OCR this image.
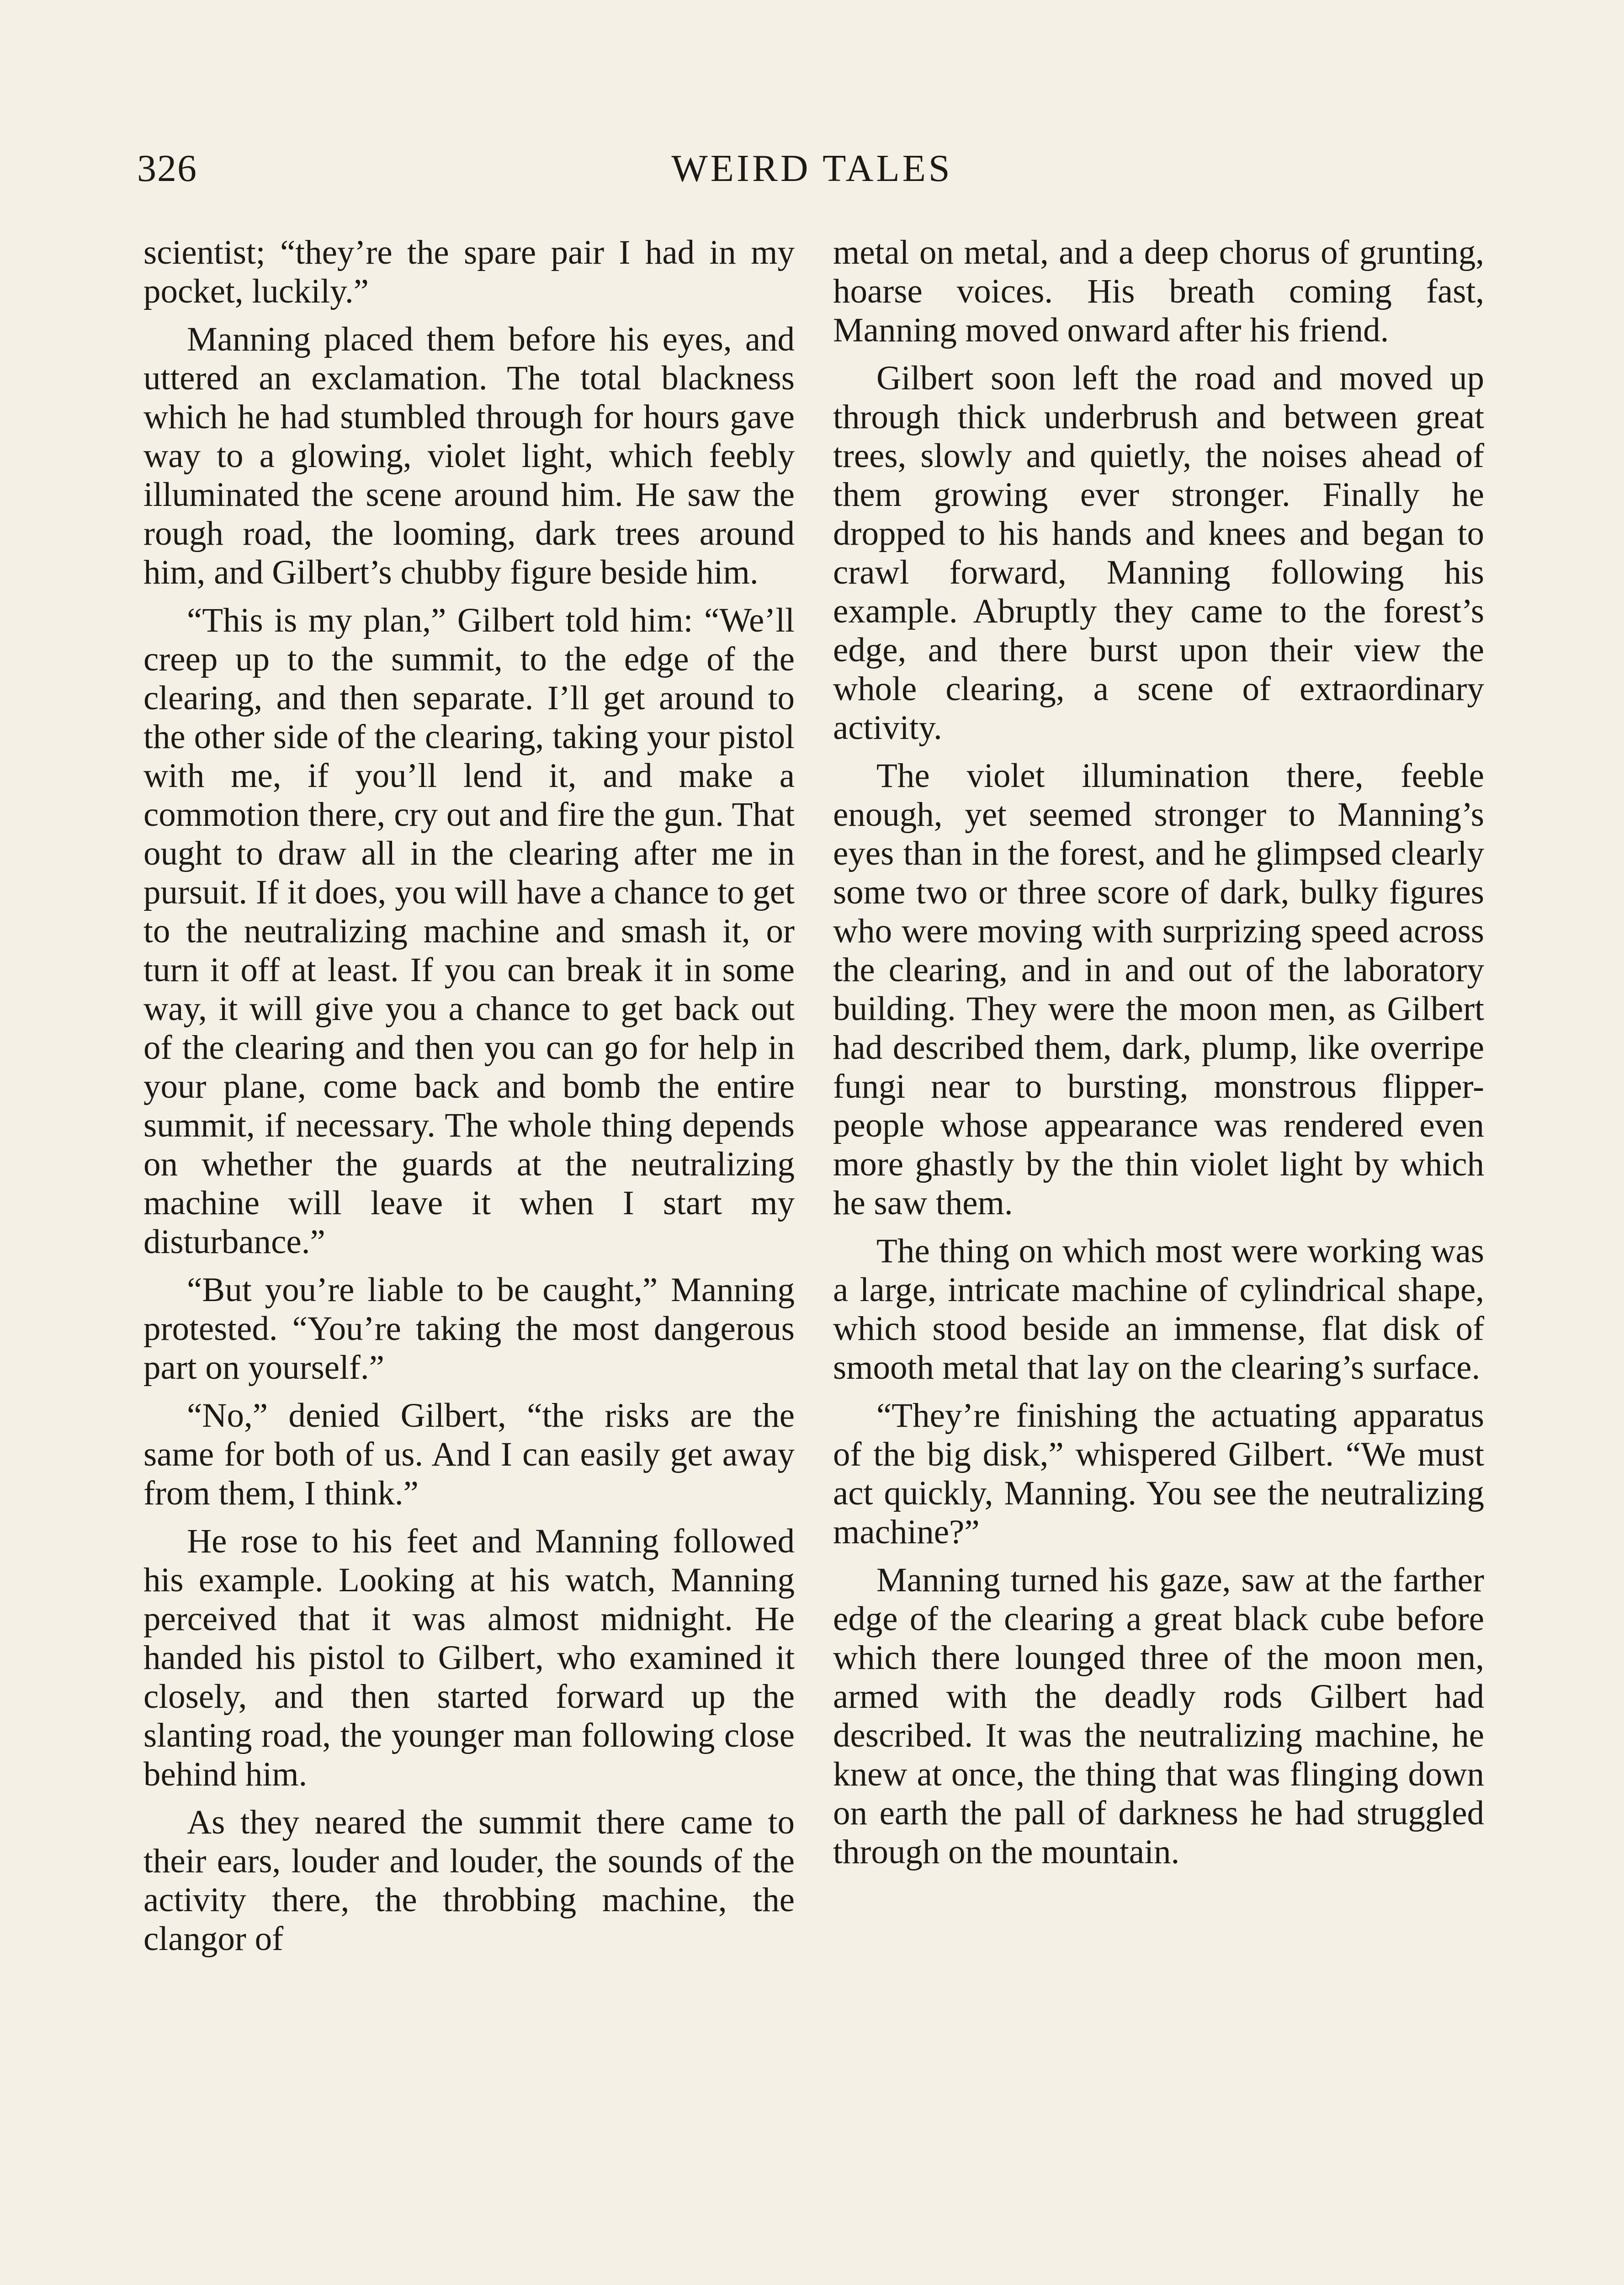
326	WEIRD TALES

scientist; “they’re the spare pair I had in my pocket, luckily.”

Manning placed them before his eyes, and uttered an exclamation. The total blackness which he had stumbled through for hours gave way to a glowing, violet light, which feebly illuminated the scene around him. He saw the rough road, the looming, dark trees around him, and Gilbert’s chubby figure beside him.

“This is my plan,” Gilbert told him: “We’ll creep up to the summit, to the edge of the clearing, and then separate. I’ll get around to the other side of the clearing, taking your pistol with me, if you’ll lend it, and make a commotion there, cry out and fire the gun. That ought to draw all in the clearing after me in pursuit. If it does, you will have a chance to get to the neutralizing machine and smash it, or turn it off at least. If you can break it in some way, it will give you a chance to get back out of the clearing and then you can go for help in your plane, come back and bomb the entire summit, if necessary. The whole thing depends on whether the guards at the neutralizing machine will leave it when I start my disturbance.”

“But you’re liable to be caught,” Manning protested. “You’re taking the most dangerous part on yourself.”

“No,” denied Gilbert, “the risks are the same for both of us. And I can easily get away from them, I think.”

He rose to his feet and Manning followed his example. Looking at his watch, Manning perceived that it was almost midnight. He handed his pistol to Gilbert, who examined it closely, and then started forward up the slanting road, the younger man following close behind him.

As they neared the summit there came to their ears, louder and louder, the sounds of the activity there, the throbbing machine, the clangor of

metal on metal, and a deep chorus of grunting, hoarse voices. His breath coming fast, Manning moved onward after his friend.

Gilbert soon left the road and moved up through thick underbrush and between great trees, slowly and quietly, the noises ahead of them growing ever stronger. Finally he dropped to his hands and knees and began to crawl forward, Manning following his example. Abruptly they came to the forest’s edge, and there burst upon their view the whole clearing, a scene of extraordinary activity.

The violet illumination there, feeble enough, yet seemed stronger to Manning’s eyes than in the forest, and he glimpsed clearly some two or three score of dark, bulky figures who were moving with surprizing speed across the clearing, and in and out of the laboratory building. They were the moon men, as Gilbert had described them, dark, plump, like overripe fungi near to bursting, monstrous flipper-people whose appearance was rendered even more ghastly by the thin violet light by which he saw them.

The thing on which most were working was a large, intricate machine of cylindrical shape, which stood beside an immense, flat disk of smooth metal that lay on the clearing’s surface.

“They’re finishing the actuating apparatus of the big disk,” whispered Gilbert. “We must act quickly, Manning. You see the neutralizing machine?”

Manning turned his gaze, saw at the farther edge of the clearing a great black cube before which there lounged three of the moon men, armed with the deadly rods Gilbert had described. It was the neutralizing machine, he knew at once, the thing that was flinging down on earth the pall of darkness he had struggled through on the mountain.
